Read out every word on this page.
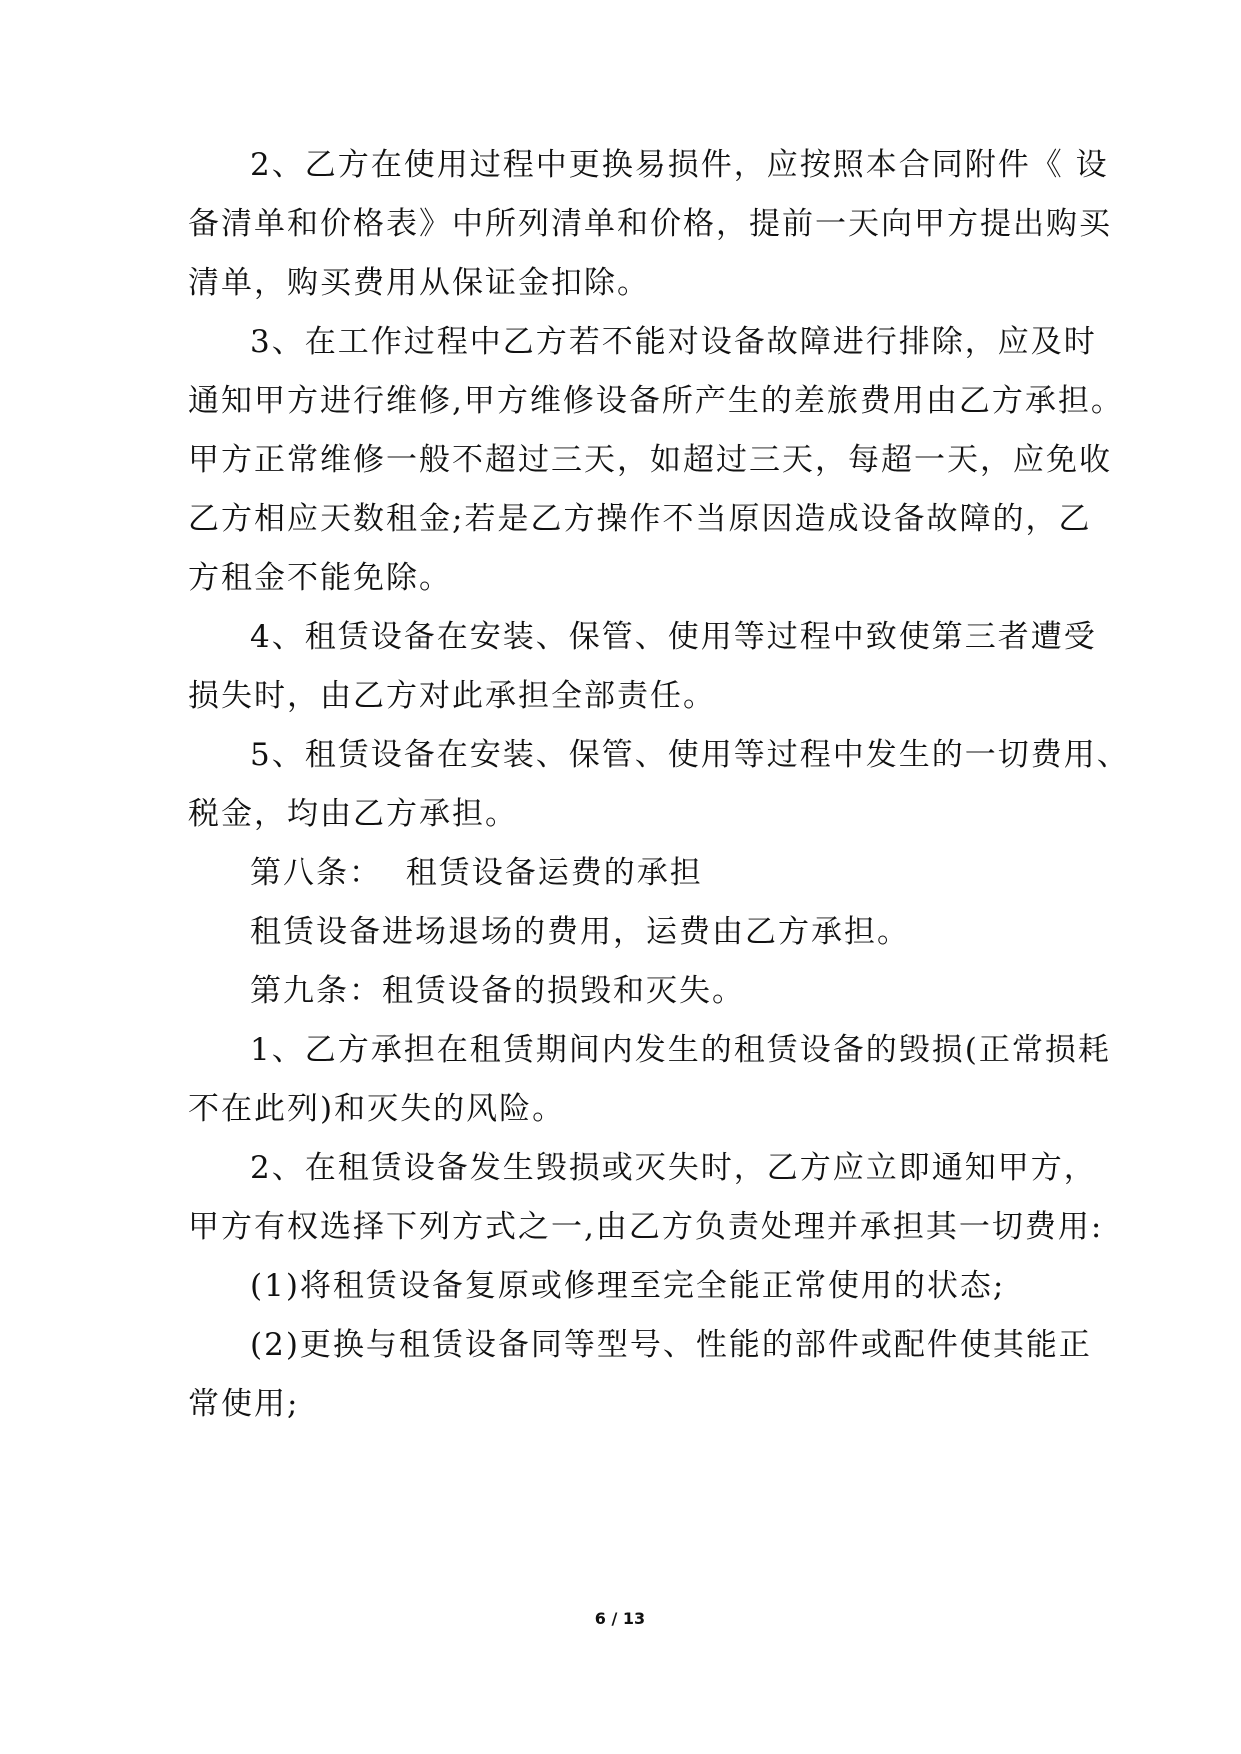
2、乙方在使用过程中更换易损件，应按照本合同附件《 设

备清单和价格表》中所列清单和价格，提前一天向甲方提出购买

清单，购买费用从保证金扣除。

3、在工作过程中乙方若不能对设备故障进行排除，应及时

通知甲方进行维修,甲方维修设备所产生的差旅费用由乙方承担。

甲方正常维修一般不超过三天，如超过三天，每超一天，应免收

乙方相应天数租金;若是乙方操作不当原因造成设备故障的，乙

方租金不能免除。

4、租赁设备在安装、保管、使用等过程中致使第三者遭受

损失时，由乙方对此承担全部责任。

5、租赁设备在安装、保管、使用等过程中发生的一切费用、

税金，均由乙方承担。

第八条：  租赁设备运费的承担

租赁设备进场退场的费用，运费由乙方承担。

第九条：租赁设备的损毁和灭失。

1、乙方承担在租赁期间内发生的租赁设备的毁损(正常损耗

不在此列)和灭失的风险。

2、在租赁设备发生毁损或灭失时，乙方应立即通知甲方，

甲方有权选择下列方式之一,由乙方负责处理并承担其一切费用:

(1)将租赁设备复原或修理至完全能正常使用的状态;

(2)更换与租赁设备同等型号、性能的部件或配件使其能正

常使用;

6 / 13
